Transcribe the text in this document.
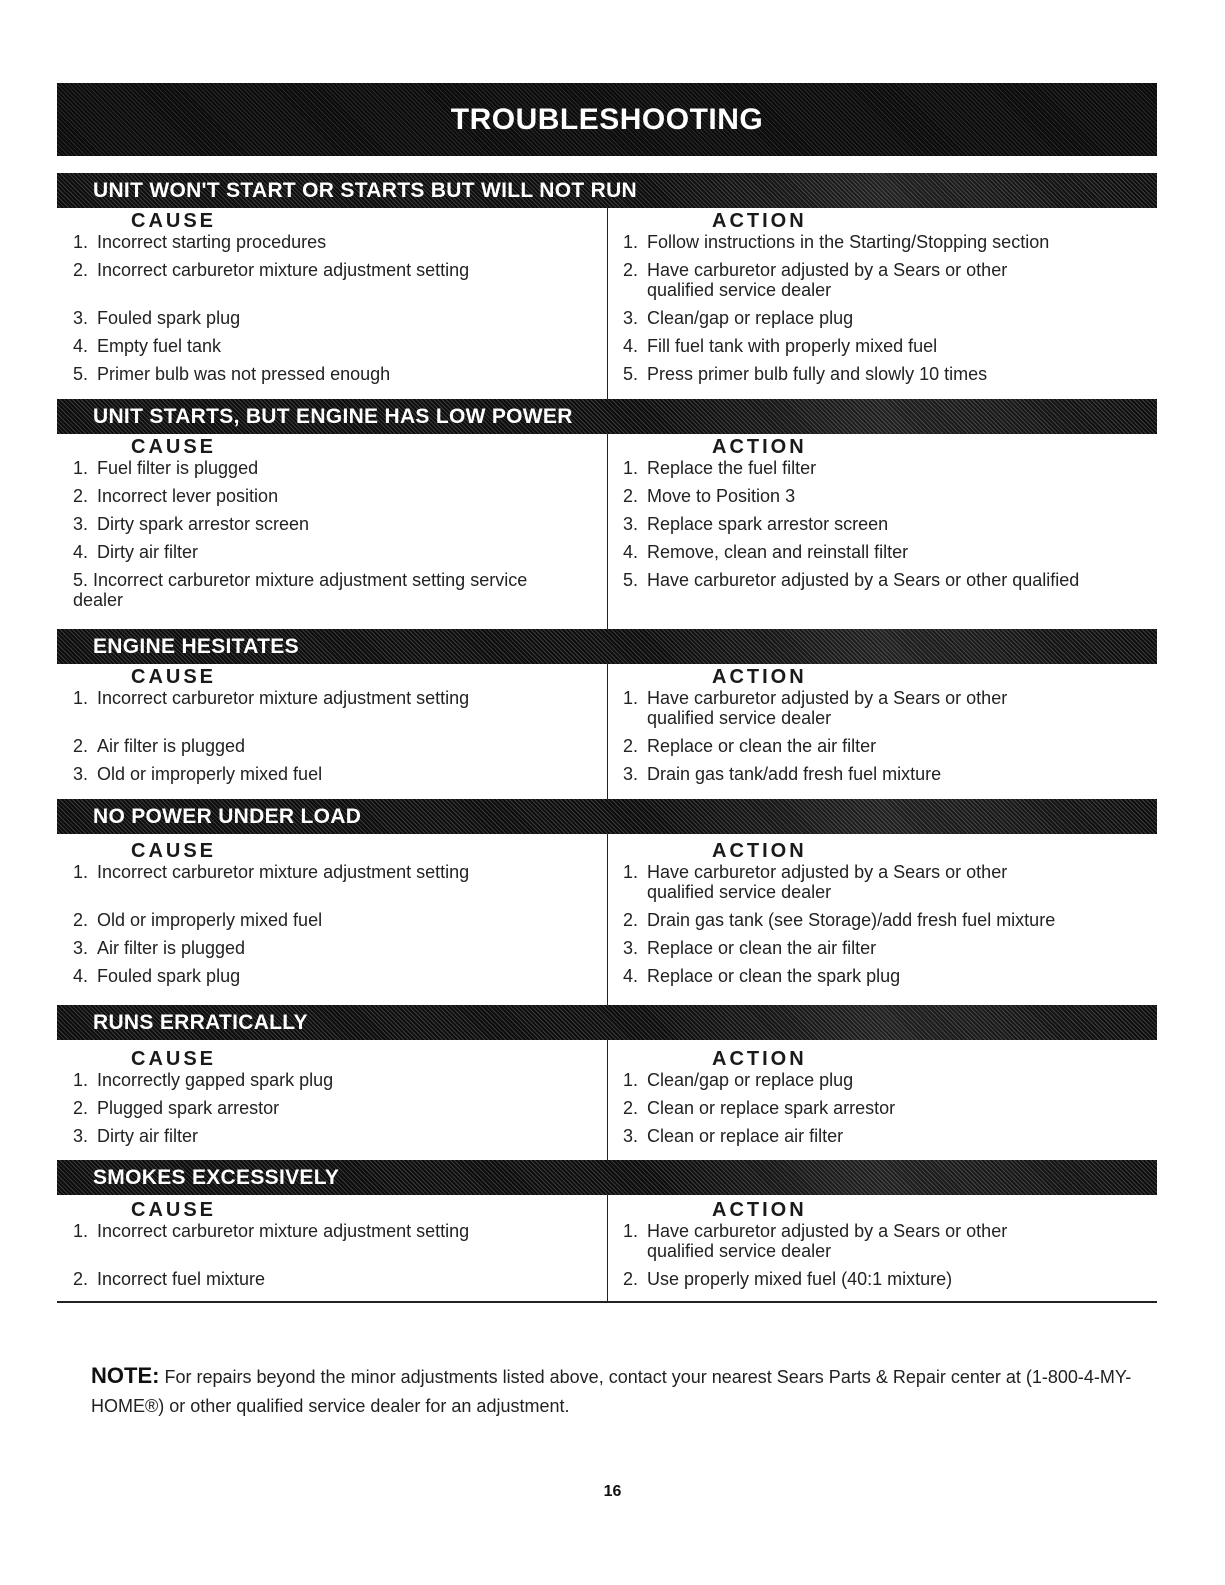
TROUBLESHOOTING
UNIT WON'T START OR STARTS BUT WILL NOT RUN
CAUSE
1. Incorrect starting procedures
2. Incorrect carburetor mixture adjustment setting
3. Fouled spark plug
4. Empty fuel tank
5. Primer bulb was not pressed enough
ACTION
1. Follow instructions in the Starting/Stopping section
2. Have carburetor adjusted by a Sears or other qualified service dealer
3. Clean/gap or replace plug
4. Fill fuel tank with properly mixed fuel
5. Press primer bulb fully and slowly 10 times
UNIT STARTS, BUT ENGINE HAS LOW POWER
CAUSE
1. Fuel filter is plugged
2. Incorrect lever position
3. Dirty spark arrestor screen
4. Dirty air filter
5. Incorrect carburetor mixture adjustment setting service dealer
ACTION
1. Replace the fuel filter
2. Move to Position 3
3. Replace spark arrestor screen
4. Remove, clean and reinstall filter
5. Have carburetor adjusted by a Sears or other qualified
ENGINE HESITATES
CAUSE
1. Incorrect carburetor mixture adjustment setting
2. Air filter is plugged
3. Old or improperly mixed fuel
ACTION
1. Have carburetor adjusted by a Sears or other qualified service dealer
2. Replace or clean the air filter
3. Drain gas tank/add fresh fuel mixture
NO POWER UNDER LOAD
CAUSE
1. Incorrect carburetor mixture adjustment setting
2. Old or improperly mixed fuel
3. Air filter is plugged
4. Fouled spark plug
ACTION
1. Have carburetor adjusted by a Sears or other qualified service dealer
2. Drain gas tank (see Storage)/add fresh fuel mixture
3. Replace or clean the air filter
4. Replace or clean the spark plug
RUNS ERRATICALLY
CAUSE
1. Incorrectly gapped spark plug
2. Plugged spark arrestor
3. Dirty air filter
ACTION
1. Clean/gap or replace plug
2. Clean or replace spark arrestor
3. Clean or replace air filter
SMOKES EXCESSIVELY
CAUSE
1. Incorrect carburetor mixture adjustment setting
2. Incorrect fuel mixture
ACTION
1. Have carburetor adjusted by a Sears or other qualified service dealer
2. Use properly mixed fuel (40:1 mixture)
NOTE: For repairs beyond the minor adjustments listed above, contact your nearest Sears Parts & Repair center at (1-800-4-MY-HOME®) or other qualified service dealer for an adjustment.
16
